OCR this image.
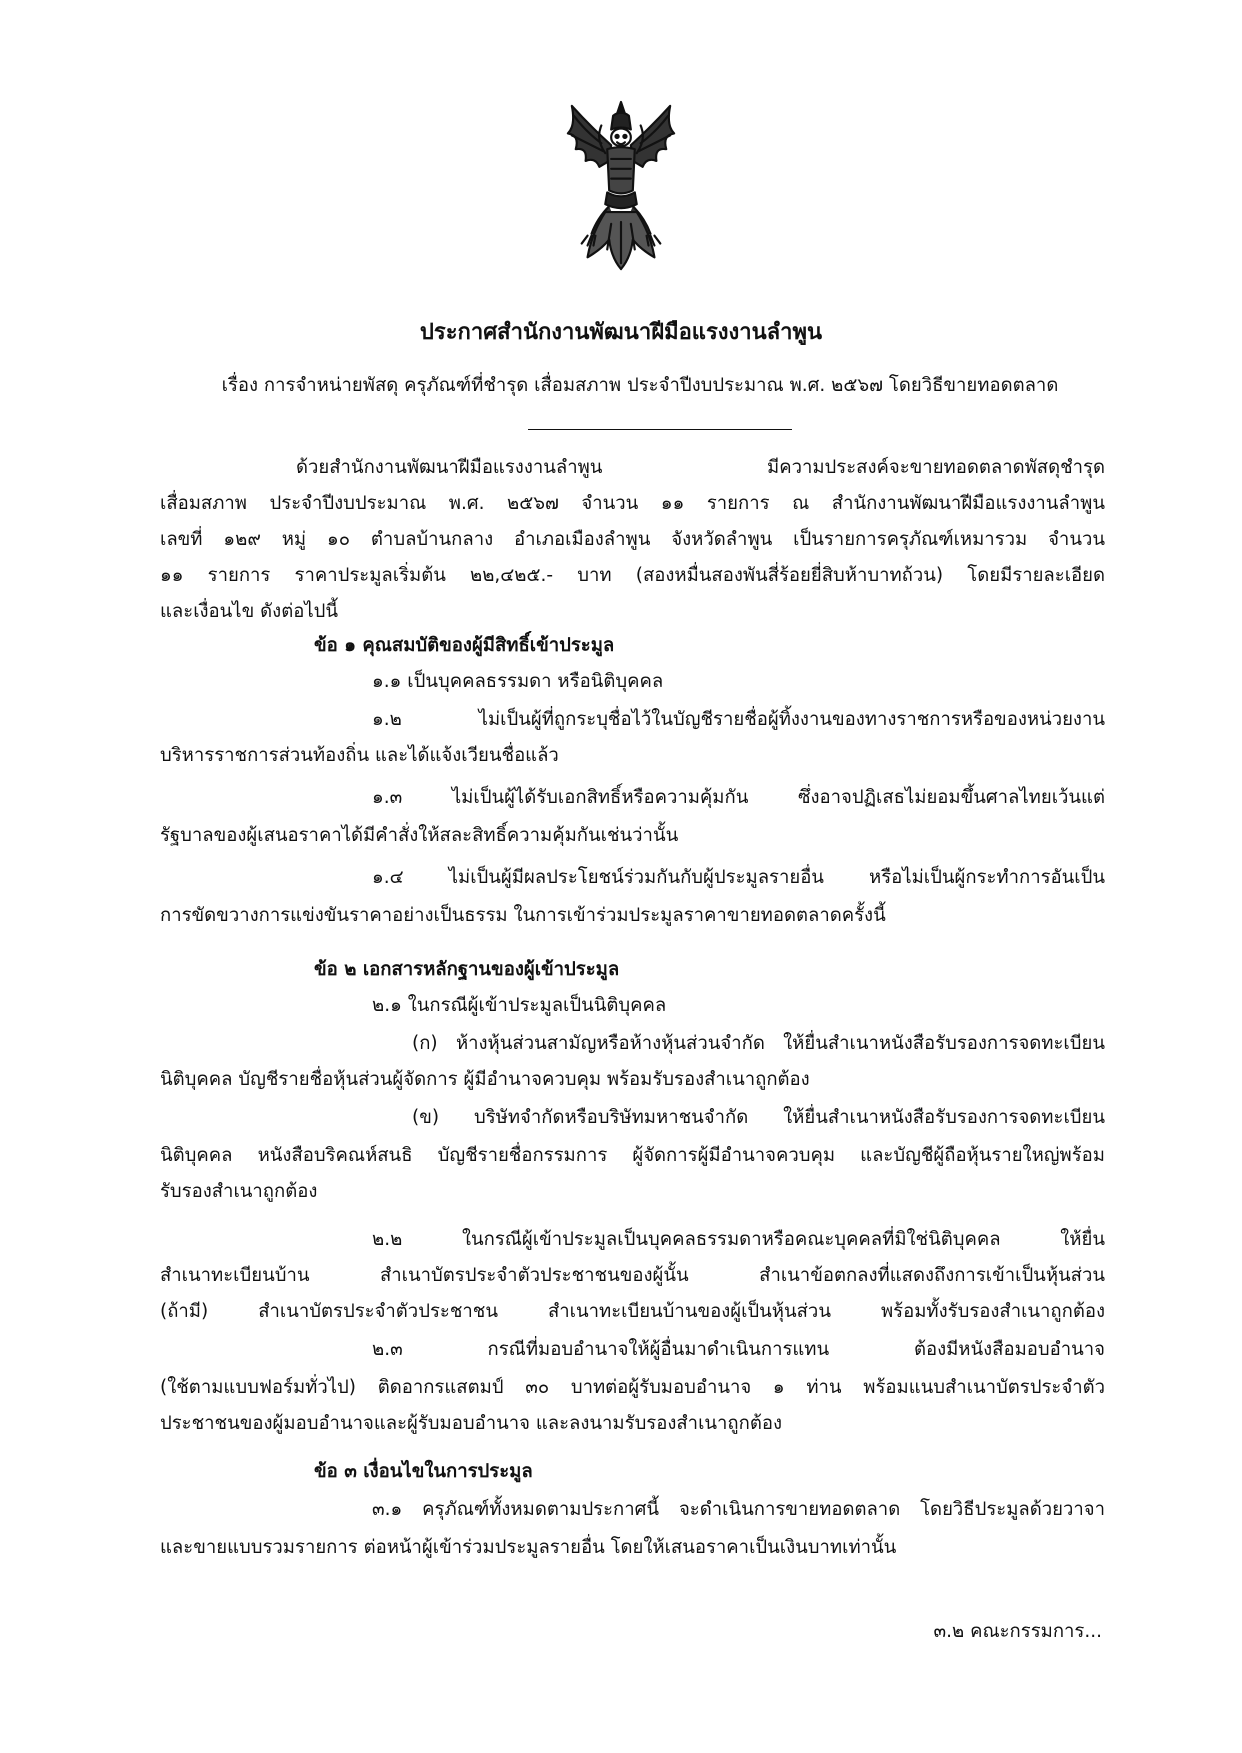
ประกาศสำนักงานพัฒนาฝีมือแรงงานลำพูน
เรื่อง การจำหน่ายพัสดุ ครุภัณฑ์ที่ชำรุด เสื่อมสภาพ ประจำปีงบประมาณ พ.ศ. ๒๕๖๗ โดยวิธีขายทอดตลาด
ด้วยสำนักงานพัฒนาฝีมือแรงงานลำพูน มีความประสงค์จะขายทอดตลาดพัสดุชำรุด
เสื่อมสภาพ ประจำปีงบประมาณ พ.ศ. ๒๕๖๗ จำนวน ๑๑ รายการ ณ สำนักงานพัฒนาฝีมือแรงงานลำพูน
เลขที่ ๑๒๙ หมู่ ๑๐ ตำบลบ้านกลาง อำเภอเมืองลำพูน จังหวัดลำพูน เป็นรายการครุภัณฑ์เหมารวม จำนวน
๑๑ รายการ ราคาประมูลเริ่มต้น ๒๒,๔๒๕.- บาท (สองหมื่นสองพันสี่ร้อยยี่สิบห้าบาทถ้วน) โดยมีรายละเอียด
และเงื่อนไข ดังต่อไปนี้
ข้อ ๑ คุณสมบัติของผู้มีสิทธิ์เข้าประมูล
๑.๑ เป็นบุคคลธรรมดา หรือนิติบุคคล
๑.๒ ไม่เป็นผู้ที่ถูกระบุชื่อไว้ในบัญชีรายชื่อผู้ทิ้งงานของทางราชการหรือของหน่วยงาน
บริหารราชการส่วนท้องถิ่น และได้แจ้งเวียนชื่อแล้ว
๑.๓ ไม่เป็นผู้ได้รับเอกสิทธิ์หรือความคุ้มกัน ซึ่งอาจปฏิเสธไม่ยอมขึ้นศาลไทยเว้นแต่
รัฐบาลของผู้เสนอราคาได้มีคำสั่งให้สละสิทธิ์ความคุ้มกันเช่นว่านั้น
๑.๔ ไม่เป็นผู้มีผลประโยชน์ร่วมกันกับผู้ประมูลรายอื่น หรือไม่เป็นผู้กระทำการอันเป็น
การขัดขวางการแข่งขันราคาอย่างเป็นธรรม ในการเข้าร่วมประมูลราคาขายทอดตลาดครั้งนี้
ข้อ ๒ เอกสารหลักฐานของผู้เข้าประมูล
๒.๑ ในกรณีผู้เข้าประมูลเป็นนิติบุคคล
(ก) ห้างหุ้นส่วนสามัญหรือห้างหุ้นส่วนจำกัด ให้ยื่นสำเนาหนังสือรับรองการจดทะเบียน
นิติบุคคล บัญชีรายชื่อหุ้นส่วนผู้จัดการ ผู้มีอำนาจควบคุม พร้อมรับรองสำเนาถูกต้อง
(ข) บริษัทจำกัดหรือบริษัทมหาชนจำกัด ให้ยื่นสำเนาหนังสือรับรองการจดทะเบียน
นิติบุคคล หนังสือบริคณห์สนธิ บัญชีรายชื่อกรรมการ ผู้จัดการผู้มีอำนาจควบคุม และบัญชีผู้ถือหุ้นรายใหญ่พร้อม
รับรองสำเนาถูกต้อง
๒.๒ ในกรณีผู้เข้าประมูลเป็นบุคคลธรรมดาหรือคณะบุคคลที่มิใช่นิติบุคคล ให้ยื่น
สำเนาทะเบียนบ้าน สำเนาบัตรประจำตัวประชาชนของผู้นั้น สำเนาข้อตกลงที่แสดงถึงการเข้าเป็นหุ้นส่วน
(ถ้ามี) สำเนาบัตรประจำตัวประชาชน สำเนาทะเบียนบ้านของผู้เป็นหุ้นส่วน พร้อมทั้งรับรองสำเนาถูกต้อง
๒.๓ กรณีที่มอบอำนาจให้ผู้อื่นมาดำเนินการแทน ต้องมีหนังสือมอบอำนาจ
(ใช้ตามแบบฟอร์มทั่วไป) ติดอากรแสตมป์ ๓๐ บาทต่อผู้รับมอบอำนาจ ๑ ท่าน พร้อมแนบสำเนาบัตรประจำตัว
ประชาชนของผู้มอบอำนาจและผู้รับมอบอำนาจ และลงนามรับรองสำเนาถูกต้อง
ข้อ ๓ เงื่อนไขในการประมูล
๓.๑ ครุภัณฑ์ทั้งหมดตามประกาศนี้ จะดำเนินการขายทอดตลาด โดยวิธีประมูลด้วยวาจา
และขายแบบรวมรายการ ต่อหน้าผู้เข้าร่วมประมูลรายอื่น โดยให้เสนอราคาเป็นเงินบาทเท่านั้น
๓.๒ คณะกรรมการ...
